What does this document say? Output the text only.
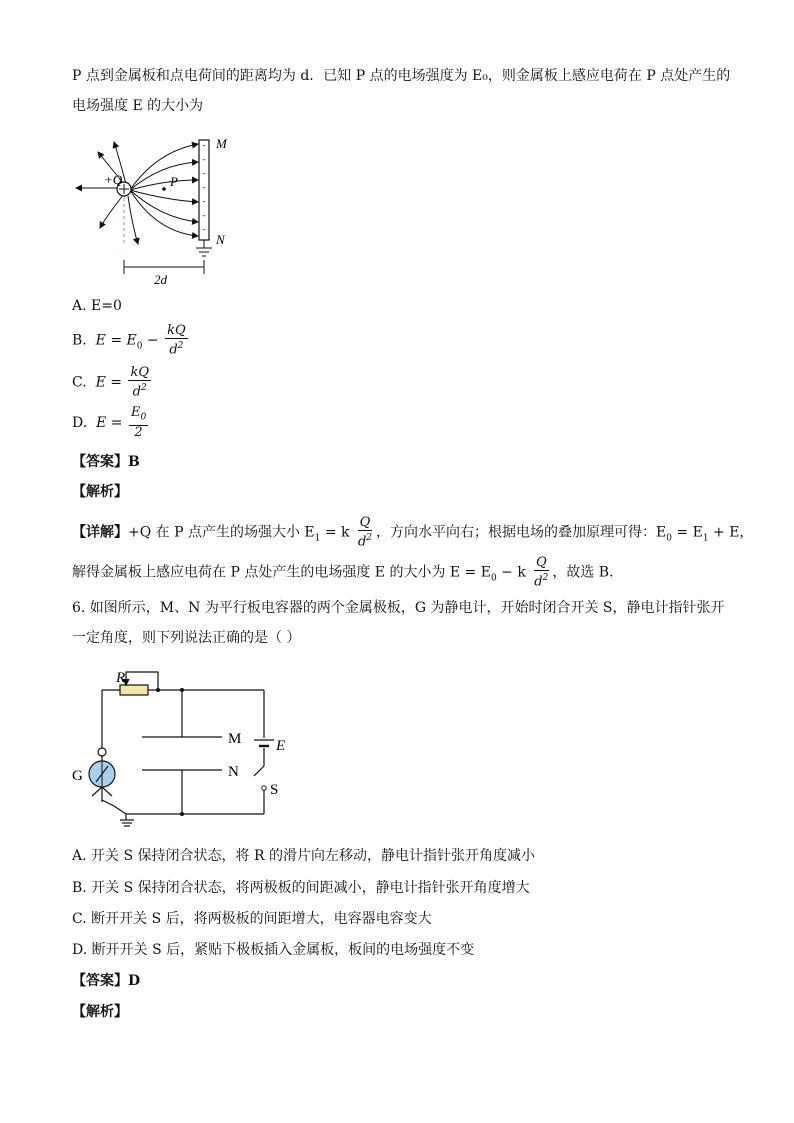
P 点到金属板和点电荷间的距离均为 d．已知 P 点的电场强度为 E₀，则金属板上感应电荷在 P 点处产生的
电场强度 E 的大小为
-
-
-
-
-
-
-
+Q	P
M
N
2d
A. E=0
B. $E = E_0 - \frac{kQ}{d^2}$
C. $E = \frac{kQ}{d^2}$
D. $E = \frac{E_0}{2}$
【答案】B
【解析】
【详解】+Q 在 P 点产生的场强大小 $E_1 = k \frac{Q}{d^2}$ ，方向水平向右；根据电场的叠加原理可得：$E_0 = E_1 + E$，
解得金属板上感应电荷在 P 点处产生的电场强度 E 的大小为 $E = E_0 - k \frac{Q}{d^2}$ ，故选 B．
6. 如图所示，M、N 为平行板电容器的两个金属极板，G 为静电计，开始时闭合开关 S，静电计指针张开
一定角度，则下列说法正确的是（ ）
R
M
N
E
G
S
A. 开关 S 保持闭合状态，将 R 的滑片向左移动，静电计指针张开角度减小
B. 开关 S 保持闭合状态，将两极板的间距减小，静电计指针张开角度增大
C. 断开开关 S 后，将两极板的间距增大，电容器电容变大
D. 断开开关 S 后，紧贴下极板插入金属板，板间的电场强度不变
【答案】D
【解析】
